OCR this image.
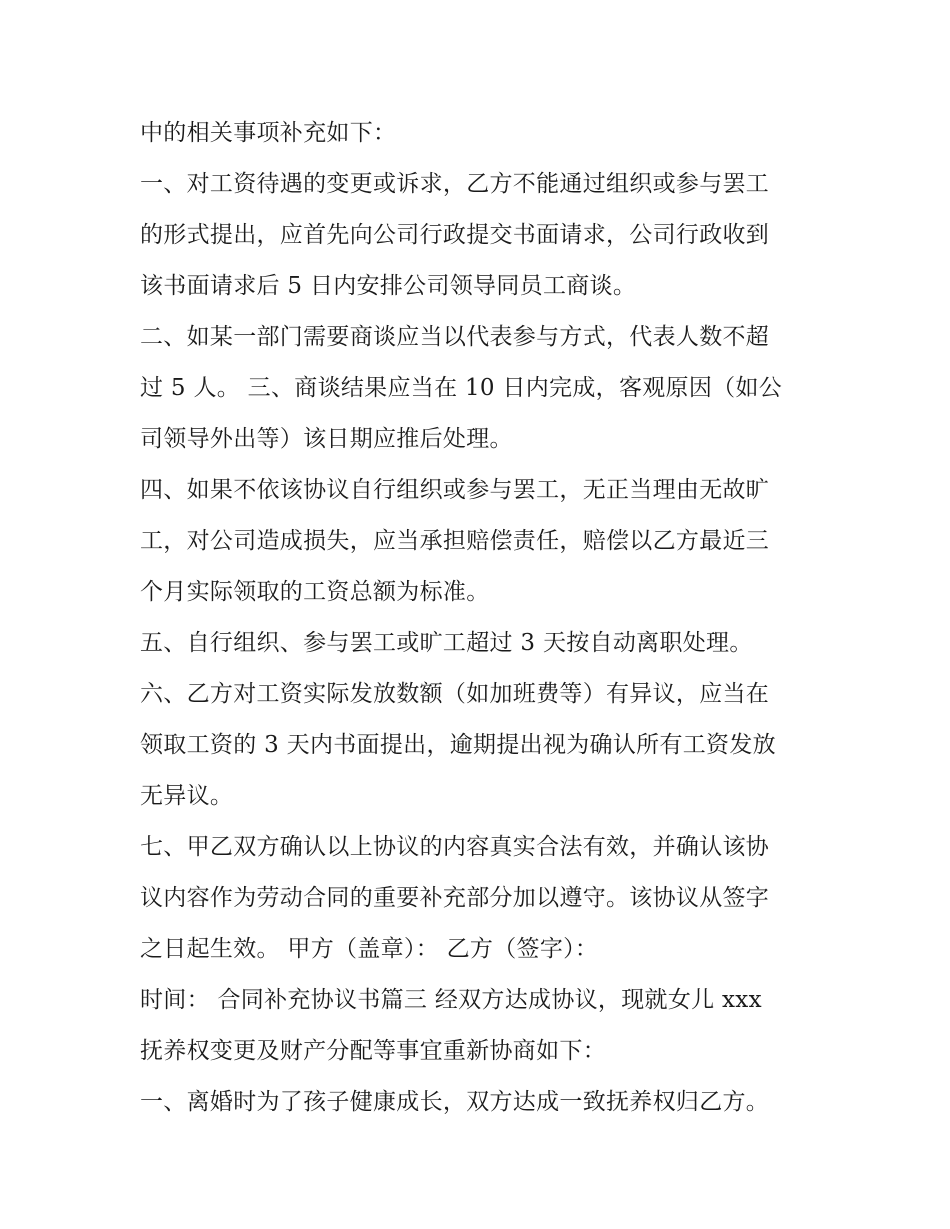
中的相关事项补充如下：
一、对工资待遇的变更或诉求，乙方不能通过组织或参与罢工
的形式提出，应首先向公司行政提交书面请求，公司行政收到
该书面请求后 5 日内安排公司领导同员工商谈。
二、如某一部门需要商谈应当以代表参与方式，代表人数不超
过 5 人。 三、商谈结果应当在 10 日内完成，客观原因（如公
司领导外出等）该日期应推后处理。
四、如果不依该协议自行组织或参与罢工，无正当理由无故旷
工，对公司造成损失，应当承担赔偿责任，赔偿以乙方最近三
个月实际领取的工资总额为标准。
五、自行组织、参与罢工或旷工超过 3 天按自动离职处理。
六、乙方对工资实际发放数额（如加班费等）有异议，应当在
领取工资的 3 天内书面提出，逾期提出视为确认所有工资发放
无异议。
七、甲乙双方确认以上协议的内容真实合法有效，并确认该协
议内容作为劳动合同的重要补充部分加以遵守。该协议从签字
之日起生效。 甲方（盖章）： 乙方（签字）：
时间： 合同补充协议书篇三 经双方达成协议，现就女儿 xxx
抚养权变更及财产分配等事宜重新协商如下：
一、离婚时为了孩子健康成长，双方达成一致抚养权归乙方。
